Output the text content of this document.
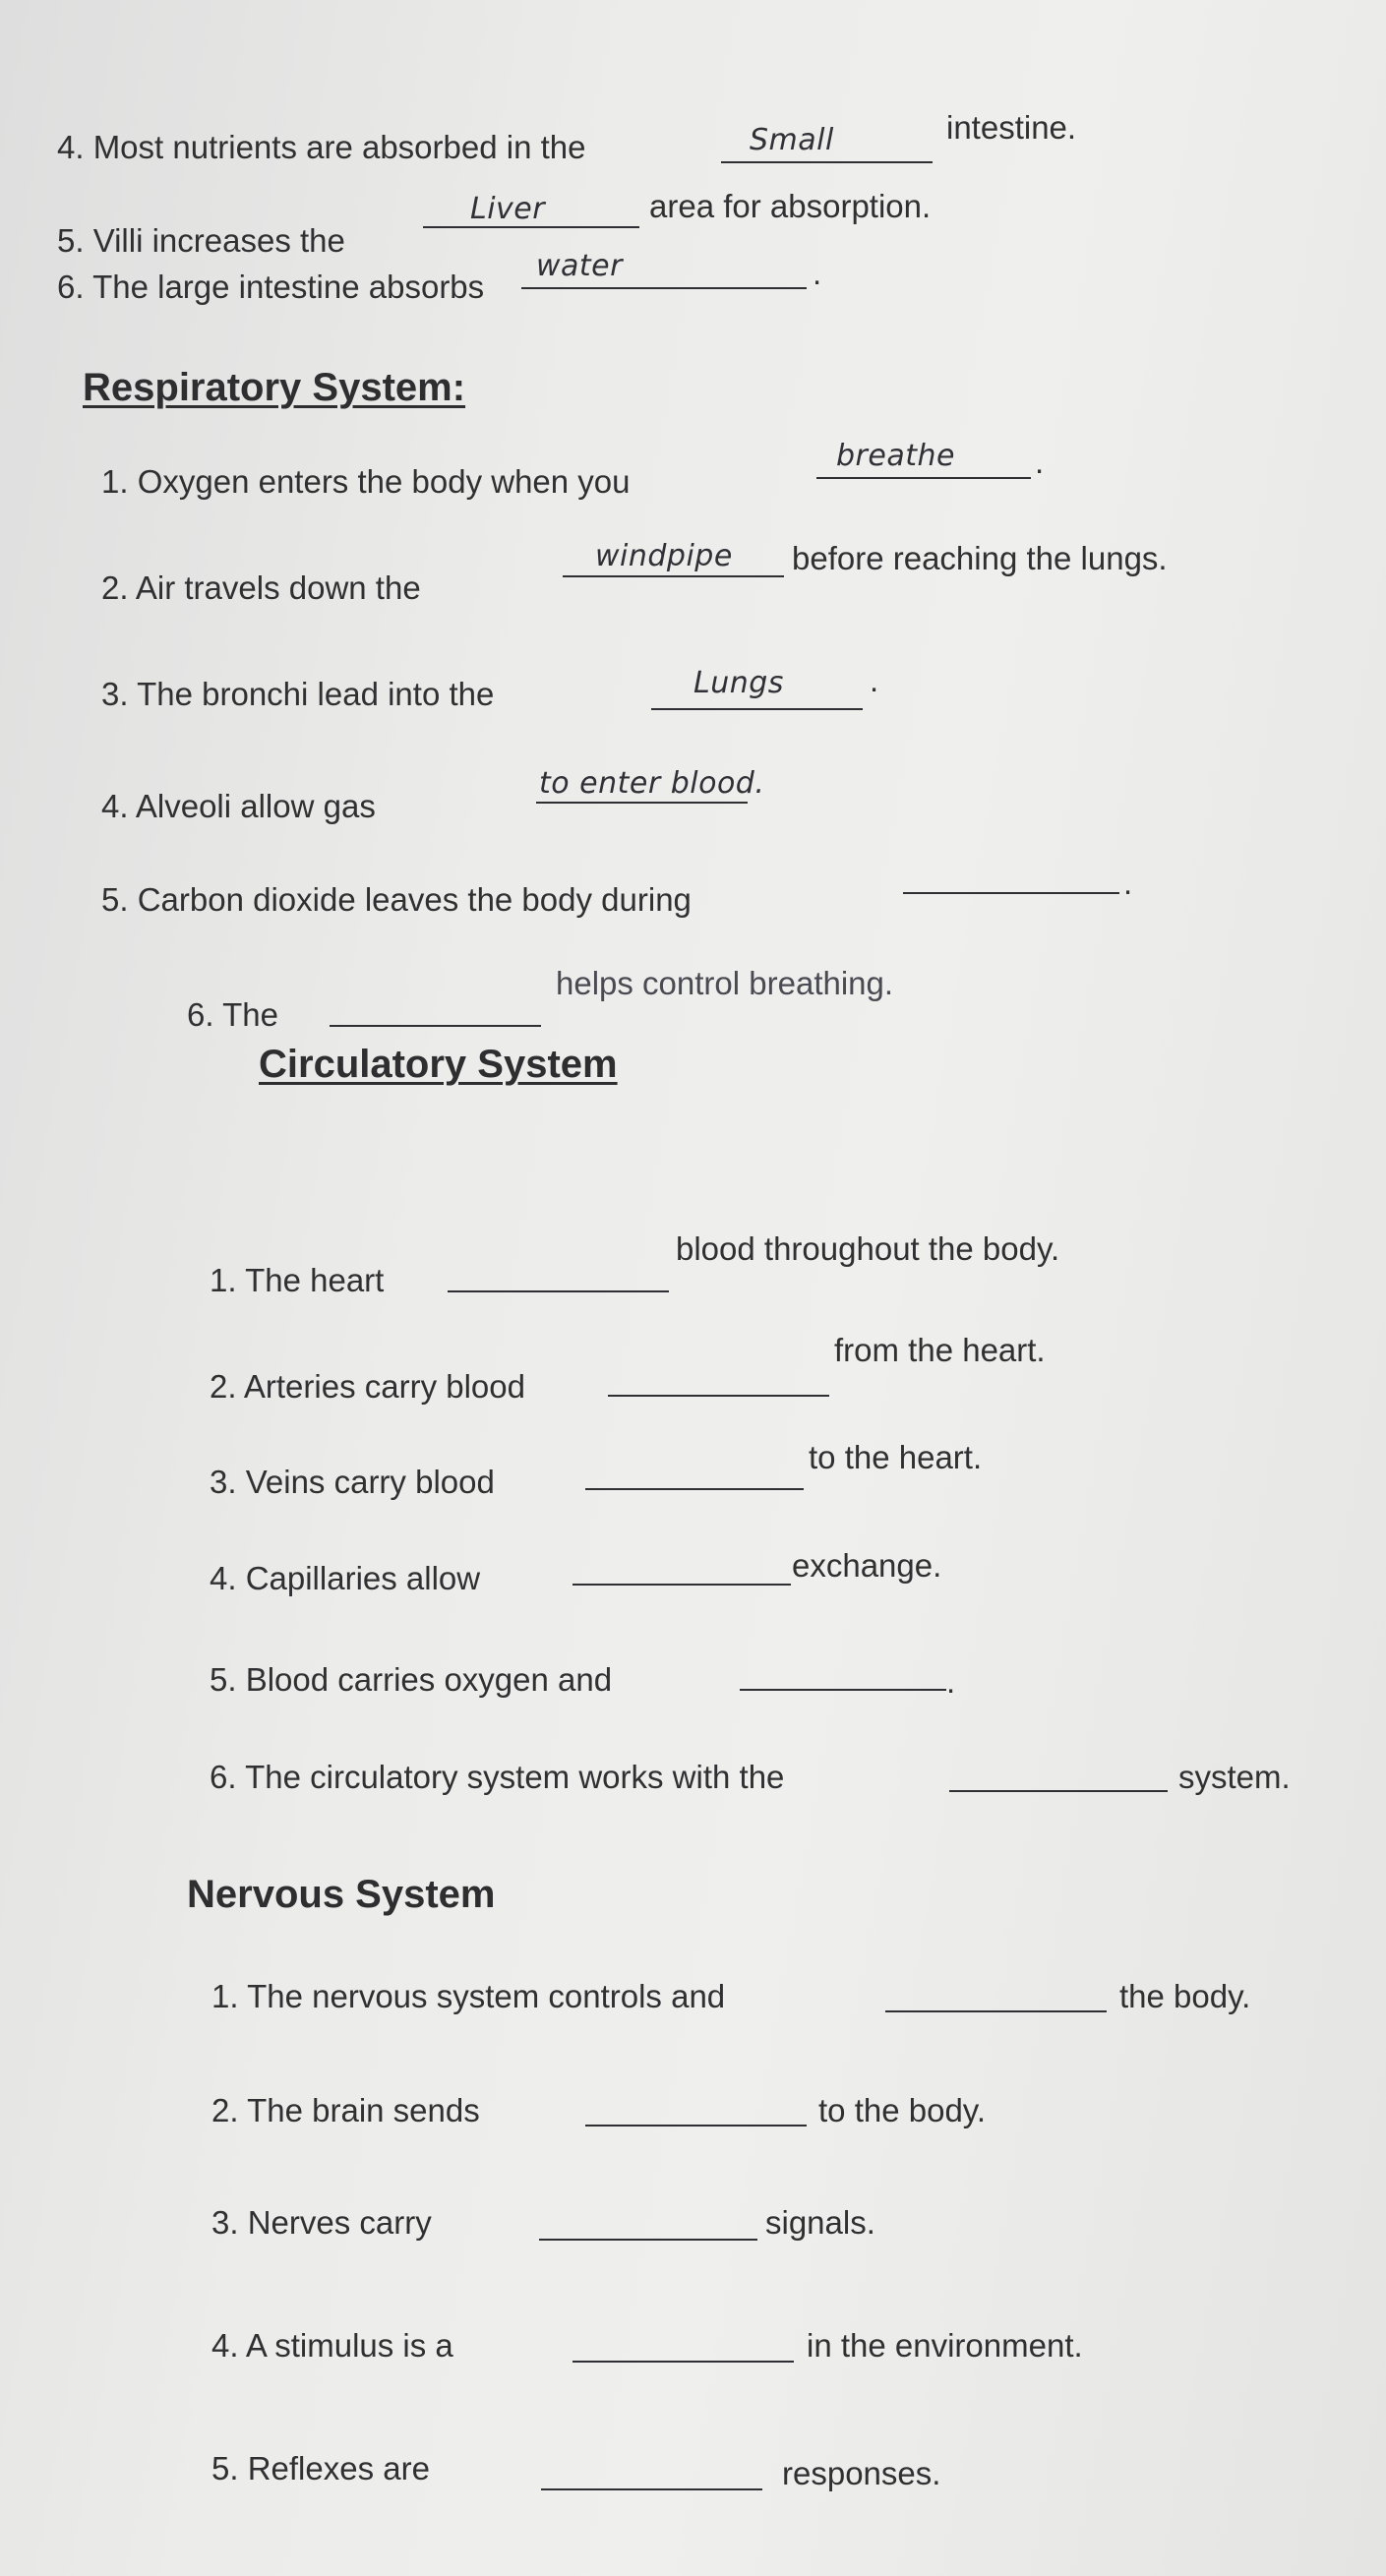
4. Most nutrients are absorbed in the	Small	intestine.
5. Villi increases the
Liver	area for absorption.
6. The large intestine absorbs
water	.
Respiratory System:
1. Oxygen enters the body when you
breathe .
2. Air travels down the
windpipe before reaching the lungs.
3. The bronchi lead into the	Lungs	.
4. Alveoli allow gas
to enter blood.
5. Carbon dioxide leaves the body during	.
6. The
helps control breathing.
Circulatory System
1. The heart
blood throughout the body.
2. Arteries carry blood
from the heart.
3. Veins carry blood
to the heart.
4. Capillaries allow	exchange.
5. Blood carries oxygen and	.
6. The circulatory system works with the	system.
Nervous System
1. The nervous system controls and	the body.
2. The brain sends	to the body.
3. Nerves carry	signals.
4. A stimulus is a	in the environment.
5. Reflexes are	responses.
